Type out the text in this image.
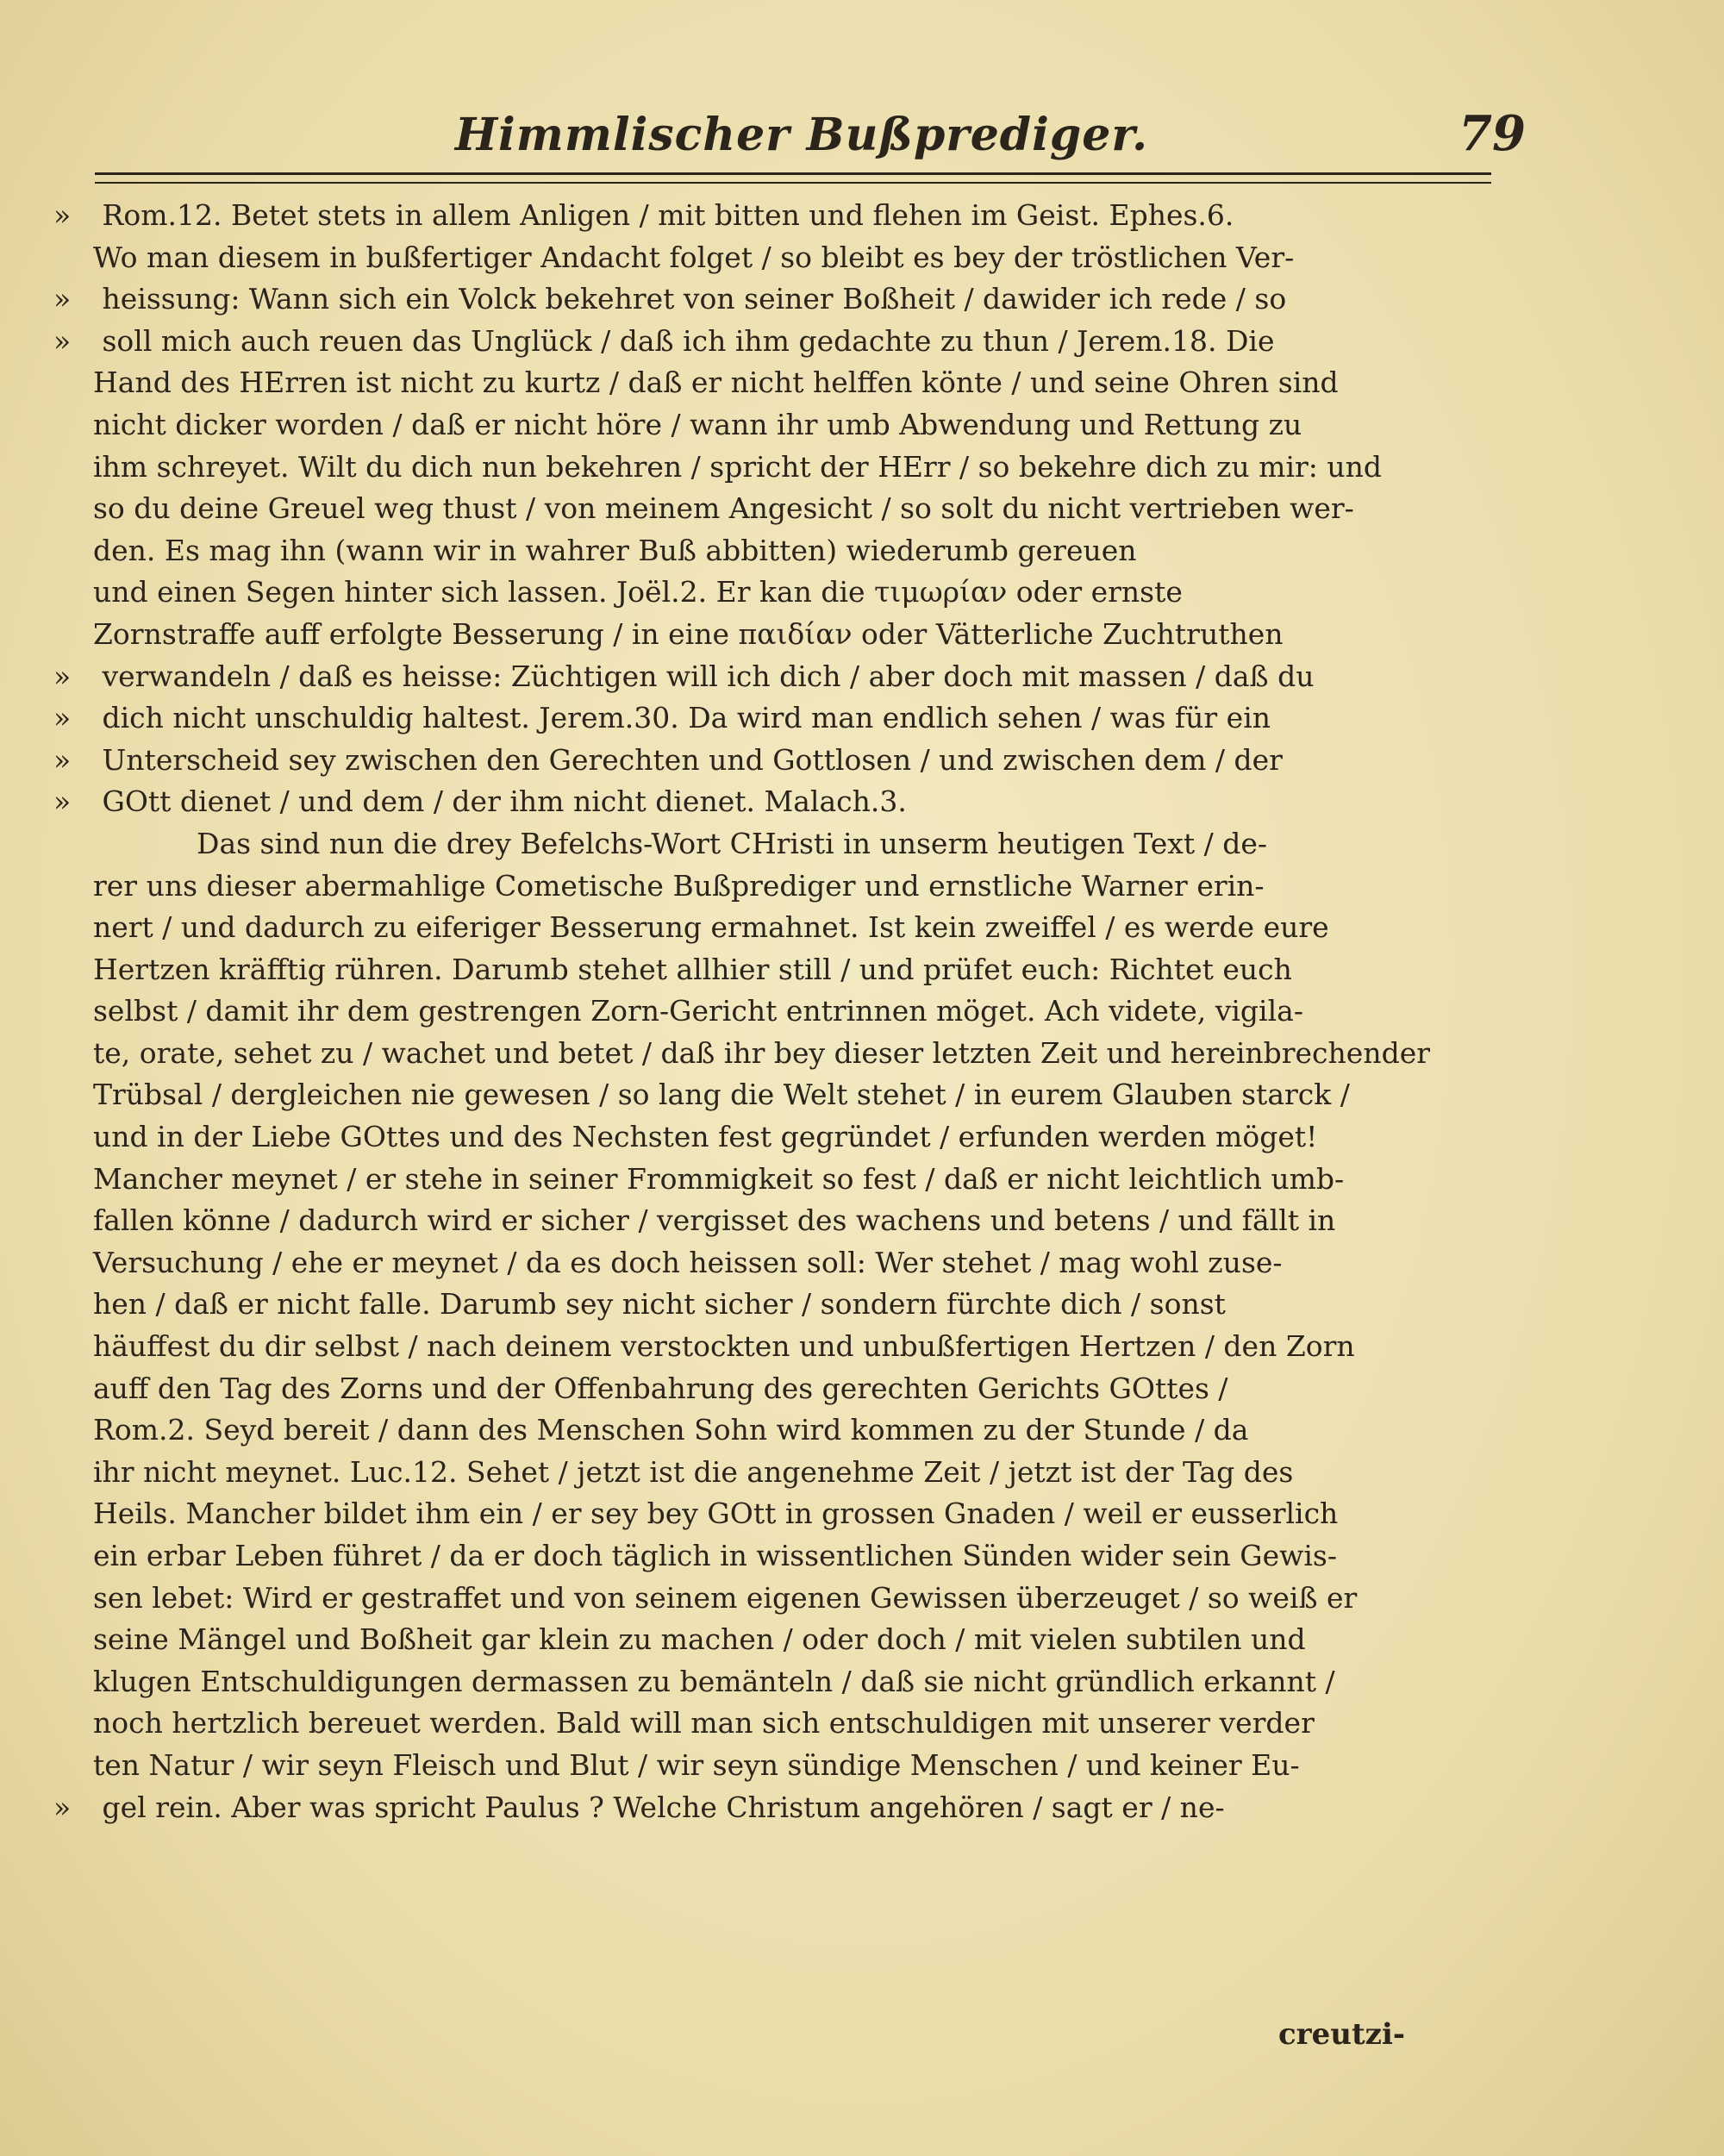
Himmlischer Bußprediger.	79
» Rom.12. Betet stets in allem Anligen / mit bitten und flehen im Geist. Ephes.6.
Wo man diesem in bußfertiger Andacht folget / so bleibt es bey der tröstlichen Ver-
» heissung: Wann sich ein Volck bekehret von seiner Boßheit / dawider ich rede / so
» soll mich auch reuen das Unglück / daß ich ihm gedachte zu thun / Jerem.18. Die
Hand des HErren ist nicht zu kurtz / daß er nicht helffen könte / und seine Ohren sind
nicht dicker worden / daß er nicht höre / wann ihr umb Abwendung und Rettung zu
ihm schreyet. Wilt du dich nun bekehren / spricht der HErr / so bekehre dich zu mir: und
so du deine Greuel weg thust / von meinem Angesicht / so solt du nicht vertrieben wer-
den. Es mag ihn (wann wir in wahrer Buß abbitten) wiederumb gereuen
und einen Segen hinter sich lassen. Joël.2. Er kan die τιμωρίαν oder ernste
Zornstraffe auff erfolgte Besserung / in eine παιδίαν oder Vätterliche Zuchtruthen
» verwandeln / daß es heisse: Züchtigen will ich dich / aber doch mit massen / daß du
» dich nicht unschuldig haltest. Jerem.30. Da wird man endlich sehen / was für ein
» Unterscheid sey zwischen den Gerechten und Gottlosen / und zwischen dem / der
» GOtt dienet / und dem / der ihm nicht dienet. Malach.3.
Das sind nun die drey Befelchs-Wort CHristi in unserm heutigen Text / de-
rer uns dieser abermahlige Cometische Bußprediger und ernstliche Warner erin-
nert / und dadurch zu eiferiger Besserung ermahnet. Ist kein zweiffel / es werde eure
Hertzen kräfftig rühren. Darumb stehet allhier still / und prüfet euch: Richtet euch
selbst / damit ihr dem gestrengen Zorn-Gericht entrinnen möget. Ach videte, vigila-
te, orate, sehet zu / wachet und betet / daß ihr bey dieser letzten Zeit und hereinbrechender
Trübsal / dergleichen nie gewesen / so lang die Welt stehet / in eurem Glauben starck /
und in der Liebe GOttes und des Nechsten fest gegründet / erfunden werden möget!
Mancher meynet / er stehe in seiner Frommigkeit so fest / daß er nicht leichtlich umb-
fallen könne / dadurch wird er sicher / vergisset des wachens und betens / und fällt in
Versuchung / ehe er meynet / da es doch heissen soll: Wer stehet / mag wohl zuse-
hen / daß er nicht falle. Darumb sey nicht sicher / sondern fürchte dich / sonst
häuffest du dir selbst / nach deinem verstockten und unbußfertigen Hertzen / den Zorn
auff den Tag des Zorns und der Offenbahrung des gerechten Gerichts GOttes /
Rom.2. Seyd bereit / dann des Menschen Sohn wird kommen zu der Stunde / da
ihr nicht meynet. Luc.12. Sehet / jetzt ist die angenehme Zeit / jetzt ist der Tag des
Heils. Mancher bildet ihm ein / er sey bey GOtt in grossen Gnaden / weil er eusserlich
ein erbar Leben führet / da er doch täglich in wissentlichen Sünden wider sein Gewis-
sen lebet: Wird er gestraffet und von seinem eigenen Gewissen überzeuget / so weiß er
seine Mängel und Boßheit gar klein zu machen / oder doch / mit vielen subtilen und
klugen Entschuldigungen dermassen zu bemänteln / daß sie nicht gründlich erkannt /
noch hertzlich bereuet werden. Bald will man sich entschuldigen mit unserer verder
ten Natur / wir seyn Fleisch und Blut / wir seyn sündige Menschen / und keiner Eu-
» gel rein. Aber was spricht Paulus ? Welche Christum angehören / sagt er / ne-
creutzi-
